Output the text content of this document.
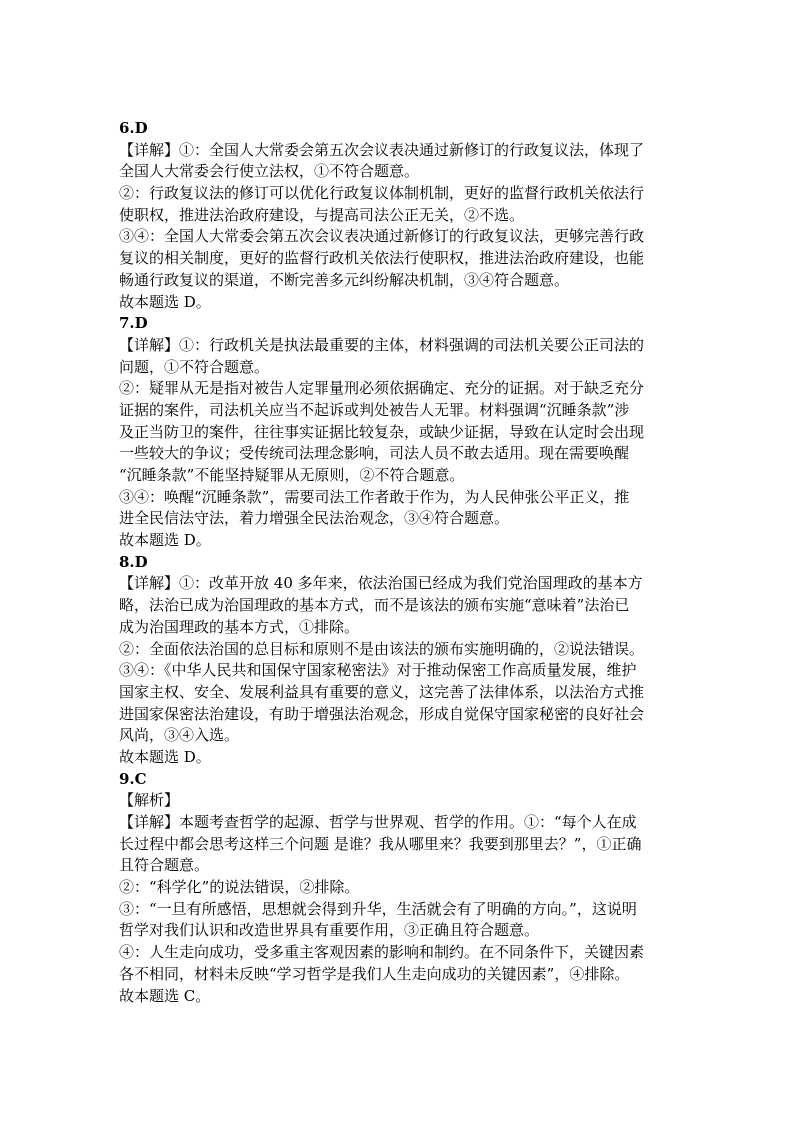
6.D
【详解】①：全国人大常委会第五次会议表决通过新修订的行政复议法，体现了
全国人大常委会行使立法权，①不符合题意。
②：行政复议法的修订可以优化行政复议体制机制，更好的监督行政机关依法行
使职权，推进法治政府建设，与提高司法公正无关，②不选。
③④：全国人大常委会第五次会议表决通过新修订的行政复议法，更够完善行政
复议的相关制度，更好的监督行政机关依法行使职权，推进法治政府建设，也能
畅通行政复议的渠道，不断完善多元纠纷解决机制，③④符合题意。
故本题选 D。
7.D
【详解】①：行政机关是执法最重要的主体，材料强调的司法机关要公正司法的
问题，①不符合题意。
②：疑罪从无是指对被告人定罪量刑必须依据确定、充分的证据。对于缺乏充分
证据的案件，司法机关应当不起诉或判处被告人无罪。材料强调“沉睡条款”涉
及正当防卫的案件，往往事实证据比较复杂，或缺少证据，导致在认定时会出现
一些较大的争议；受传统司法理念影响，司法人员不敢去适用。现在需要唤醒
“沉睡条款”不能坚持疑罪从无原则，②不符合题意。
③④：唤醒“沉睡条款”，需要司法工作者敢于作为，为人民伸张公平正义，推
进全民信法守法，着力增强全民法治观念，③④符合题意。
故本题选 D。
8.D
【详解】①：改革开放 40 多年来，依法治国已经成为我们党治国理政的基本方
略，法治已成为治国理政的基本方式，而不是该法的颁布实施“意味着”法治已
成为治国理政的基本方式，①排除。
②：全面依法治国的总目标和原则不是由该法的颁布实施明确的，②说法错误。
③④：《中华人民共和国保守国家秘密法》对于推动保密工作高质量发展，维护
国家主权、安全、发展利益具有重要的意义，这完善了法律体系，以法治方式推
进国家保密法治建设，有助于增强法治观念，形成自觉保守国家秘密的良好社会
风尚，③④入选。
故本题选 D。
9.C
【解析】
【详解】本题考查哲学的起源、哲学与世界观、哲学的作用。①：“每个人在成
长过程中都会思考这样三个问题 是谁？我从哪里来？我要到那里去？”，①正确
且符合题意。
②：“科学化”的说法错误，②排除。
③：“一旦有所感悟，思想就会得到升华，生活就会有了明确的方向。”，这说明
哲学对我们认识和改造世界具有重要作用，③正确且符合题意。
④：人生走向成功，受多重主客观因素的影响和制约。在不同条件下，关键因素
各不相同，材料未反映“学习哲学是我们人生走向成功的关键因素”，④排除。
故本题选 C。
